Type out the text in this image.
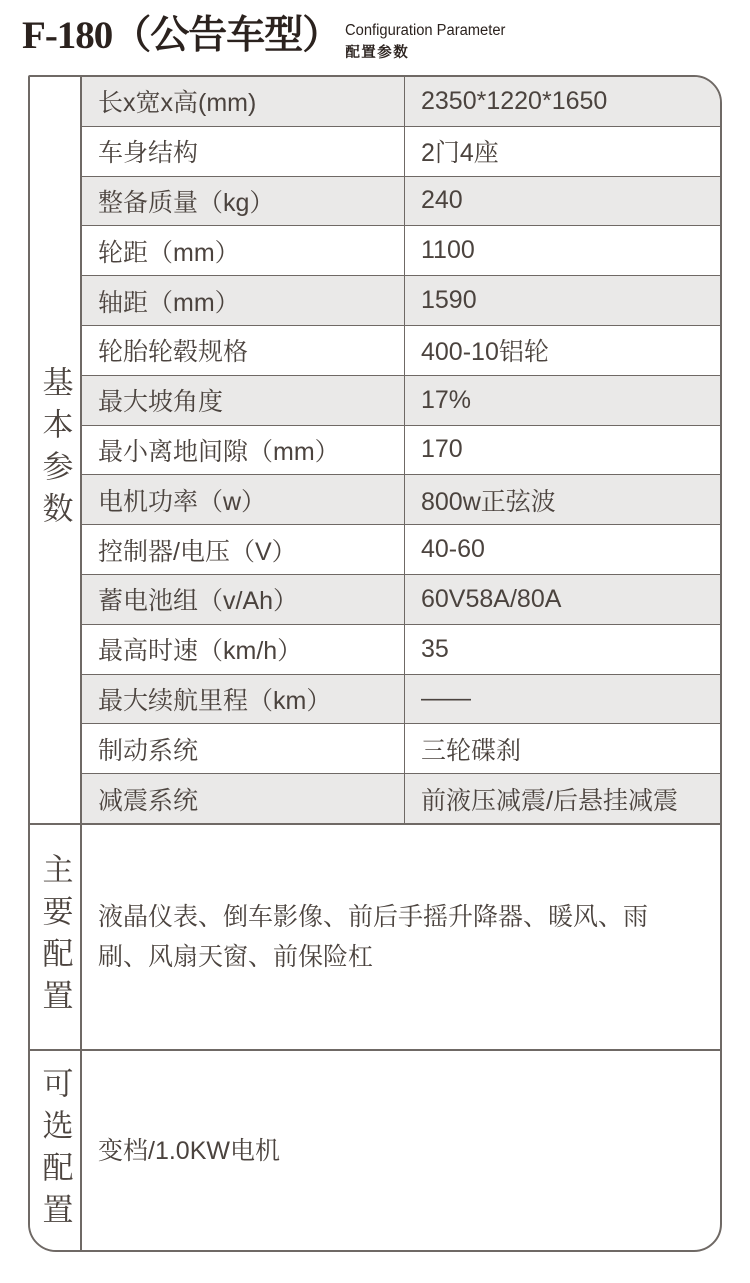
F-180（公告车型） Configuration Parameter
配置参数
基本参数
长x宽x高(mm)	2350*1220*1650
车身结构	2门4座
整备质量（kg）	240
轮距（mm）	1100
轴距（mm）	1590
轮胎轮毂规格	400-10铝轮
最大坡角度	17%
最小离地间隙（mm）	170
电机功率（w）	800w正弦波
控制器/电压（V）	40-60
蓄电池组（v/Ah）	60V58A/80A
最高时速（km/h）	35
最大续航里程（km）	——
制动系统	三轮碟刹
减震系统	前液压减震/后悬挂减震
主要配置	液晶仪表、倒车影像、前后手摇升降器、暖风、雨刷、风扇天窗、前保险杠
可选配置	变档/1.0KW电机
